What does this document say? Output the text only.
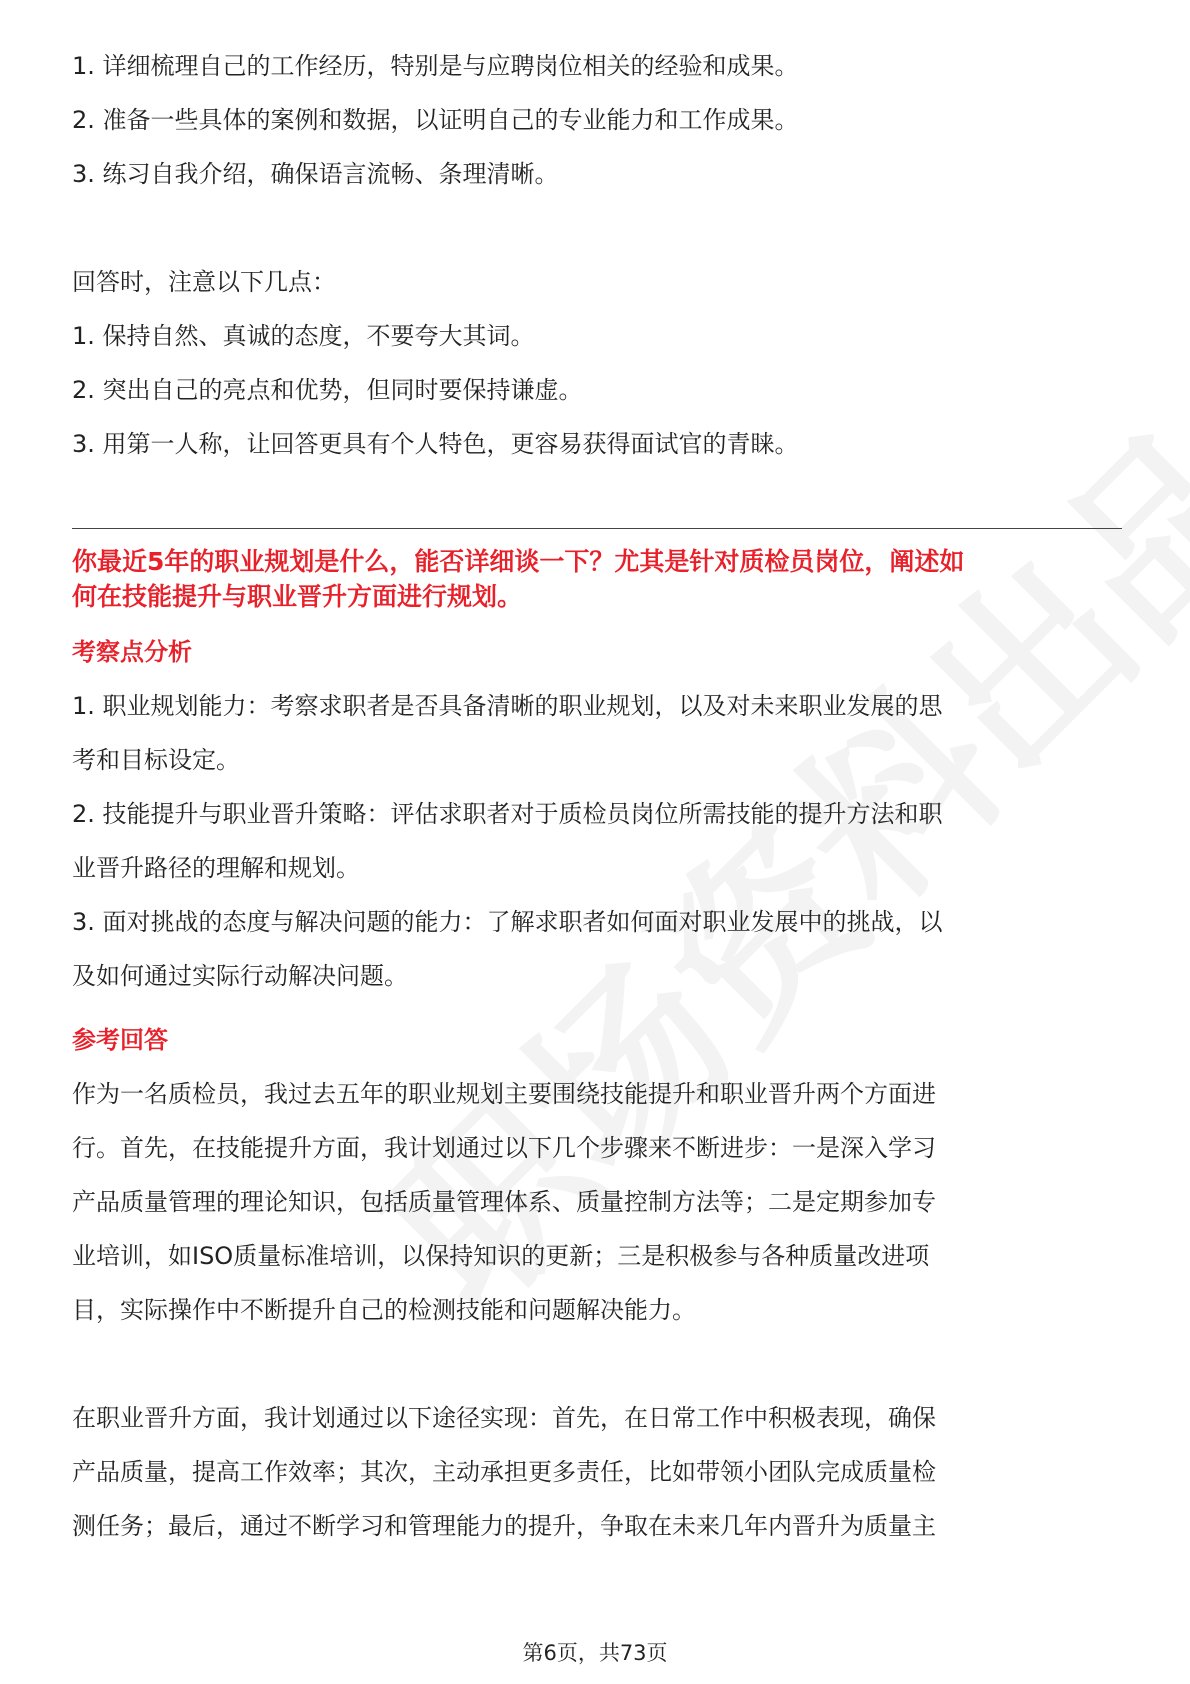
1. 详细梳理自己的工作经历，特别是与应聘岗位相关的经验和成果。
2. 准备一些具体的案例和数据，以证明自己的专业能力和工作成果。
3. 练习自我介绍，确保语言流畅、条理清晰。
回答时，注意以下几点：
1. 保持自然、真诚的态度，不要夸大其词。
2. 突出自己的亮点和优势，但同时要保持谦虚。
3. 用第一人称，让回答更具有个人特色，更容易获得面试官的青睐。
你最近5年的职业规划是什么，能否详细谈一下？尤其是针对质检员岗位，阐述如
何在技能提升与职业晋升方面进行规划。
考察点分析
1. 职业规划能力：考察求职者是否具备清晰的职业规划，以及对未来职业发展的思
考和目标设定。
2. 技能提升与职业晋升策略：评估求职者对于质检员岗位所需技能的提升方法和职
业晋升路径的理解和规划。
3. 面对挑战的态度与解决问题的能力：了解求职者如何面对职业发展中的挑战，以
及如何通过实际行动解决问题。
参考回答
作为一名质检员，我过去五年的职业规划主要围绕技能提升和职业晋升两个方面进
行。首先，在技能提升方面，我计划通过以下几个步骤来不断进步：一是深入学习
产品质量管理的理论知识，包括质量管理体系、质量控制方法等；二是定期参加专
业培训，如ISO质量标准培训，以保持知识的更新；三是积极参与各种质量改进项
目，实际操作中不断提升自己的检测技能和问题解决能力。
在职业晋升方面，我计划通过以下途径实现：首先，在日常工作中积极表现，确保
产品质量，提高工作效率；其次，主动承担更多责任，比如带领小团队完成质量检
测任务；最后，通过不断学习和管理能力的提升，争取在未来几年内晋升为质量主
第6页，共73页
